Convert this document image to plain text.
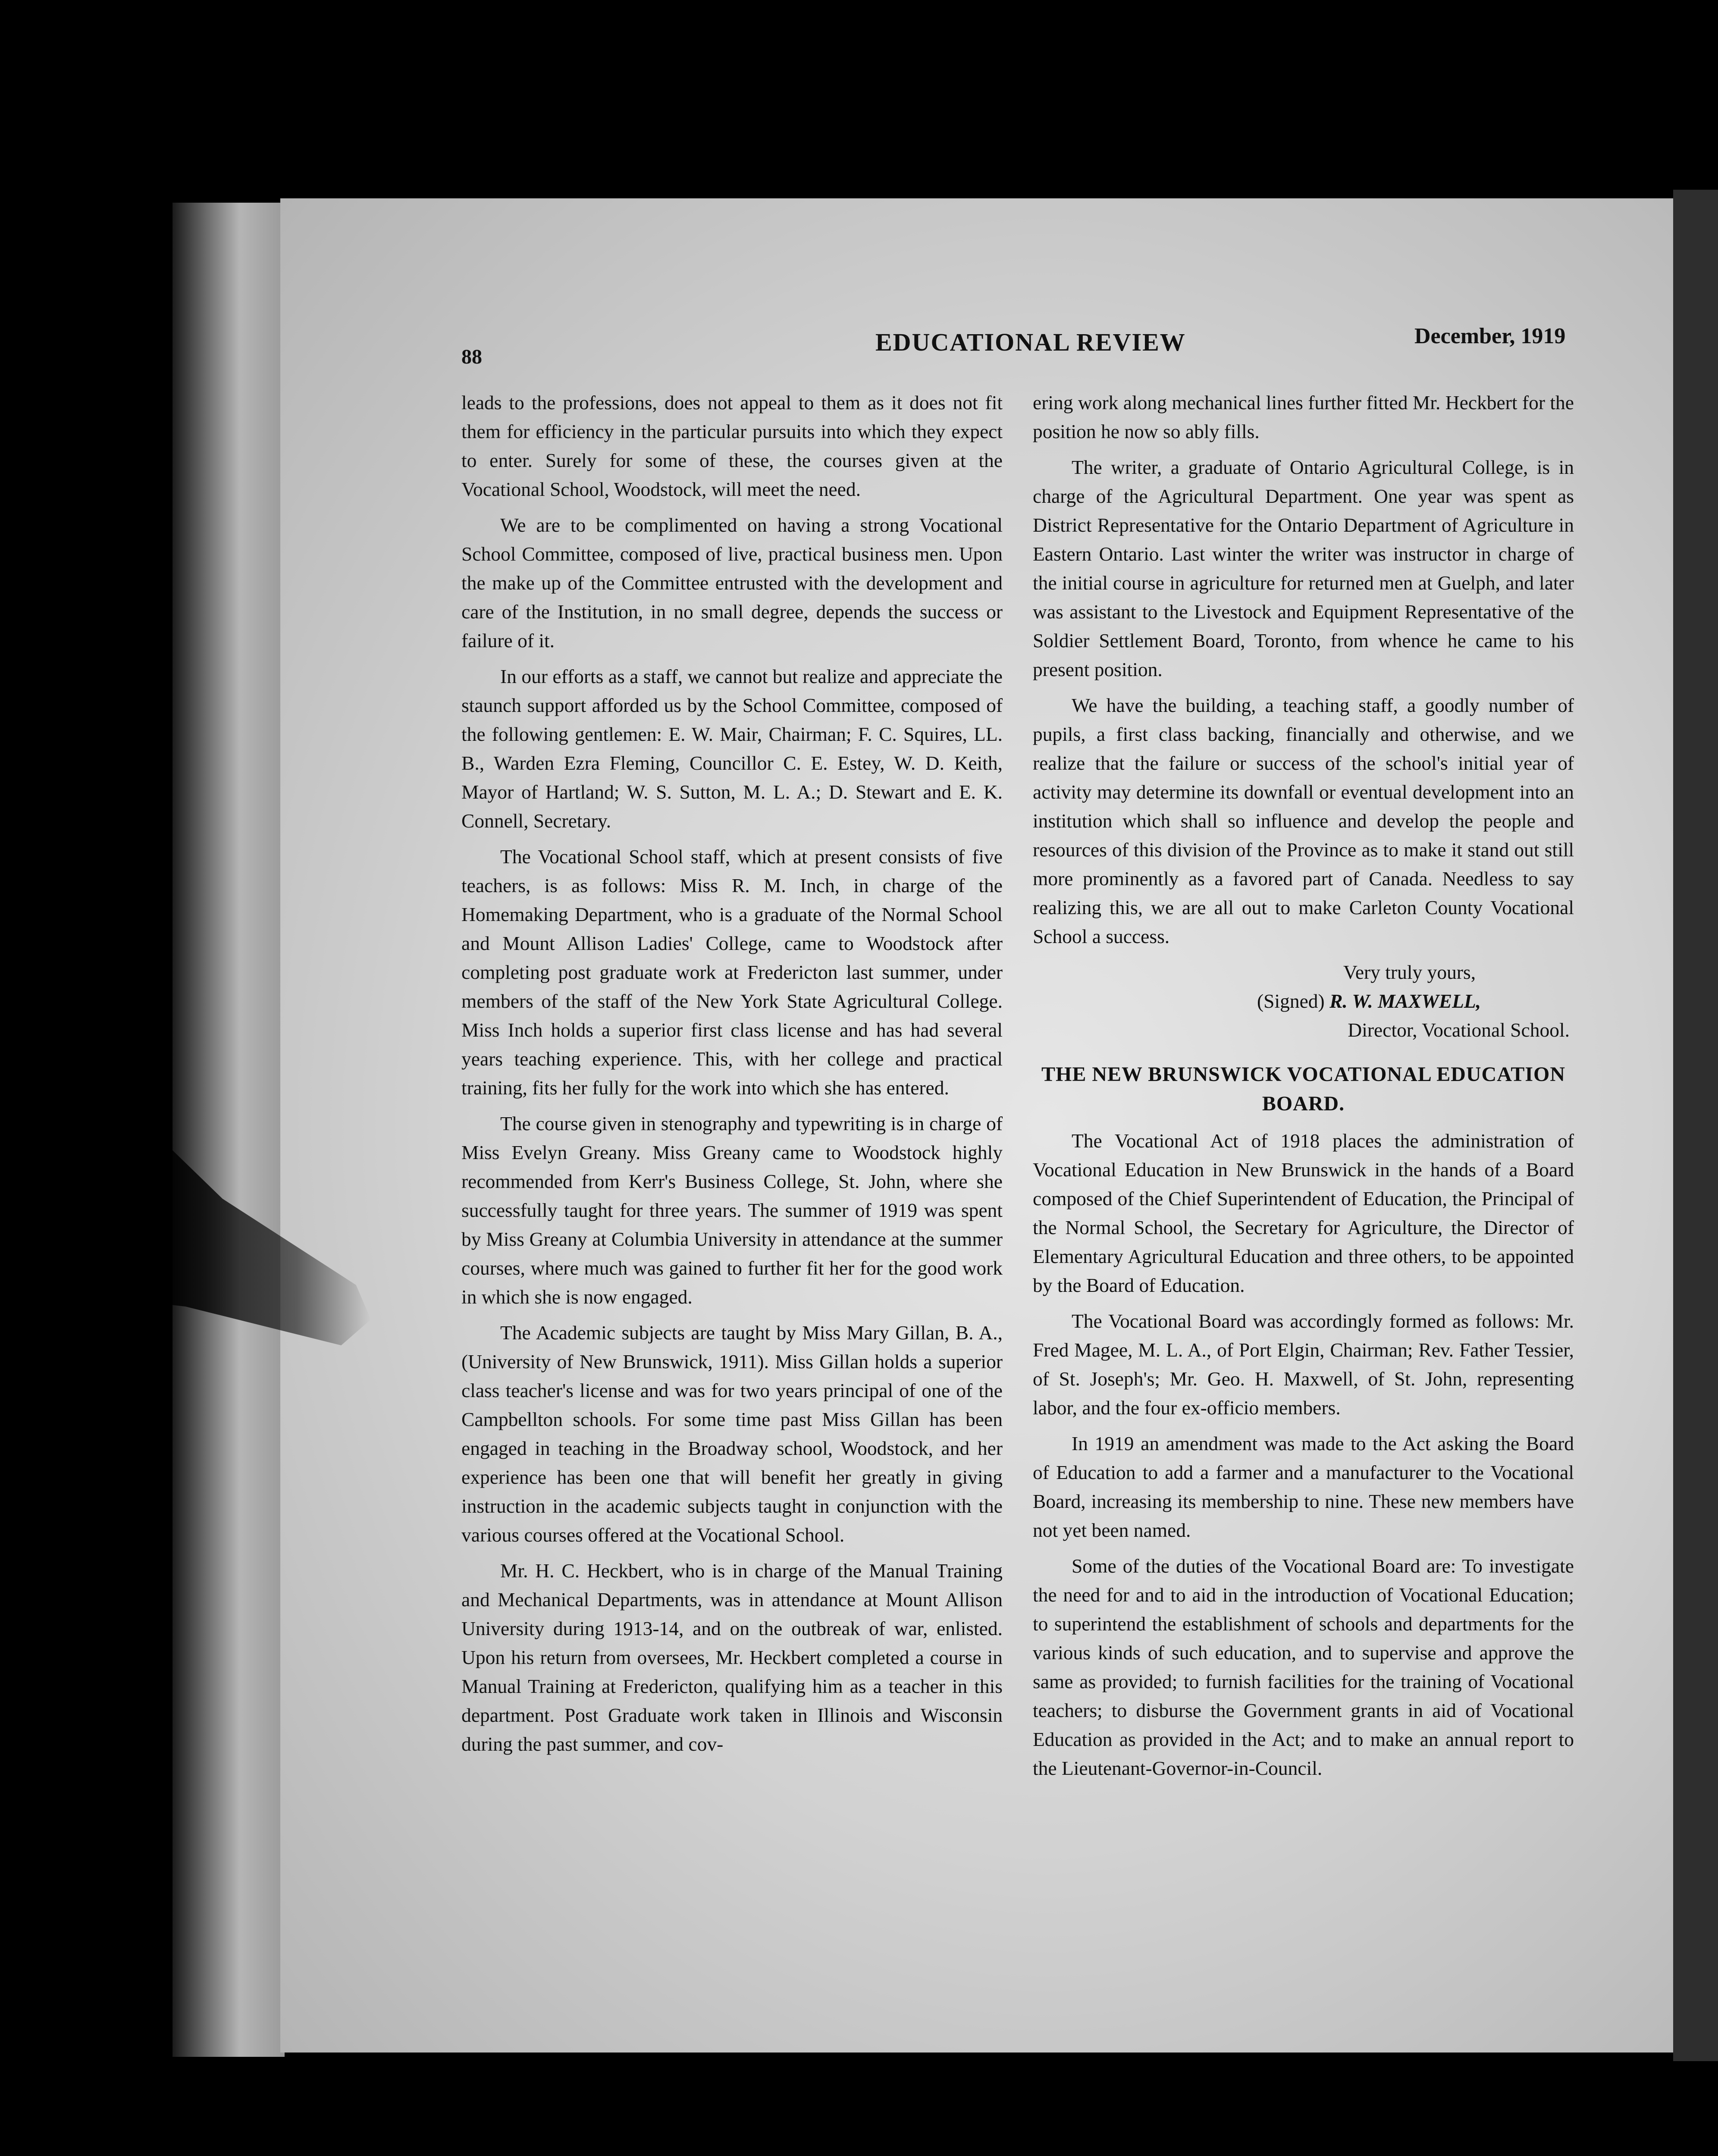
88
EDUCATIONAL REVIEW	December, 1919

leads to the professions, does not appeal to them as it does not fit them for efficiency in the particular pursuits into which they expect to enter. Surely for some of these, the courses given at the Vocational School, Woodstock, will meet the need.

We are to be complimented on having a strong Vocational School Committee, composed of live, practical business men. Upon the make up of the Committee entrusted with the development and care of the Institution, in no small degree, depends the success or failure of it.

In our efforts as a staff, we cannot but realize and appreciate the staunch support afforded us by the School Committee, composed of the following gentlemen: E. W. Mair, Chairman; F. C. Squires, LL. B., Warden Ezra Fleming, Councillor C. E. Estey, W. D. Keith, Mayor of Hartland; W. S. Sutton, M. L. A.; D. Stewart and E. K. Connell, Secretary.

The Vocational School staff, which at present consists of five teachers, is as follows: Miss R. M. Inch, in charge of the Homemaking Department, who is a graduate of the Normal School and Mount Allison Ladies' College, came to Woodstock after completing post graduate work at Fredericton last summer, under members of the staff of the New York State Agricultural College. Miss Inch holds a superior first class license and has had several years teaching experience. This, with her college and practical training, fits her fully for the work into which she has entered.

The course given in stenography and typewriting is in charge of Miss Evelyn Greany. Miss Greany came to Woodstock highly recommended from Kerr's Business College, St. John, where she successfully taught for three years. The summer of 1919 was spent by Miss Greany at Columbia University in attendance at the summer courses, where much was gained to further fit her for the good work in which she is now engaged.

The Academic subjects are taught by Miss Mary Gillan, B. A., (University of New Brunswick, 1911). Miss Gillan holds a superior class teacher's license and was for two years principal of one of the Campbellton schools. For some time past Miss Gillan has been engaged in teaching in the Broadway school, Woodstock, and her experience has been one that will benefit her greatly in giving instruction in the academic subjects taught in conjunction with the various courses offered at the Vocational School.

Mr. H. C. Heckbert, who is in charge of the Manual Training and Mechanical Departments, was in attendance at Mount Allison University during 1913-14, and on the outbreak of war, enlisted. Upon his return from oversees, Mr. Heckbert completed a course in Manual Training at Fredericton, qualifying him as a teacher in this department. Post Graduate work taken in Illinois and Wisconsin during the past summer, and cov-

ering work along mechanical lines further fitted Mr. Heckbert for the position he now so ably fills.

The writer, a graduate of Ontario Agricultural College, is in charge of the Agricultural Department. One year was spent as District Representative for the Ontario Department of Agriculture in Eastern Ontario. Last winter the writer was instructor in charge of the initial course in agriculture for returned men at Guelph, and later was assistant to the Livestock and Equipment Representative of the Soldier Settlement Board, Toronto, from whence he came to his present position.

We have the building, a teaching staff, a goodly number of pupils, a first class backing, financially and otherwise, and we realize that the failure or success of the school's initial year of activity may determine its downfall or eventual development into an institution which shall so influence and develop the people and resources of this division of the Province as to make it stand out still more prominently as a favored part of Canada. Needless to say realizing this, we are all out to make Carleton County Vocational School a success.

Very truly yours,
(Signed) R. W. MAXWELL,
Director, Vocational School.
THE NEW BRUNSWICK VOCATIONAL EDUCATION BOARD.

The Vocational Act of 1918 places the administration of Vocational Education in New Brunswick in the hands of a Board composed of the Chief Superintendent of Education, the Principal of the Normal School, the Secretary for Agriculture, the Director of Elementary Agricultural Education and three others, to be appointed by the Board of Education.

The Vocational Board was accordingly formed as follows: Mr. Fred Magee, M. L. A., of Port Elgin, Chairman; Rev. Father Tessier, of St. Joseph's; Mr. Geo. H. Maxwell, of St. John, representing labor, and the four ex-officio members.

In 1919 an amendment was made to the Act asking the Board of Education to add a farmer and a manufacturer to the Vocational Board, increasing its membership to nine. These new members have not yet been named.

Some of the duties of the Vocational Board are: To investigate the need for and to aid in the introduction of Vocational Education; to superintend the establishment of schools and departments for the various kinds of such education, and to supervise and approve the same as provided; to furnish facilities for the training of Vocational teachers; to disburse the Government grants in aid of Vocational Education as provided in the Act; and to make an annual report to the Lieutenant-Governor-in-Council.
